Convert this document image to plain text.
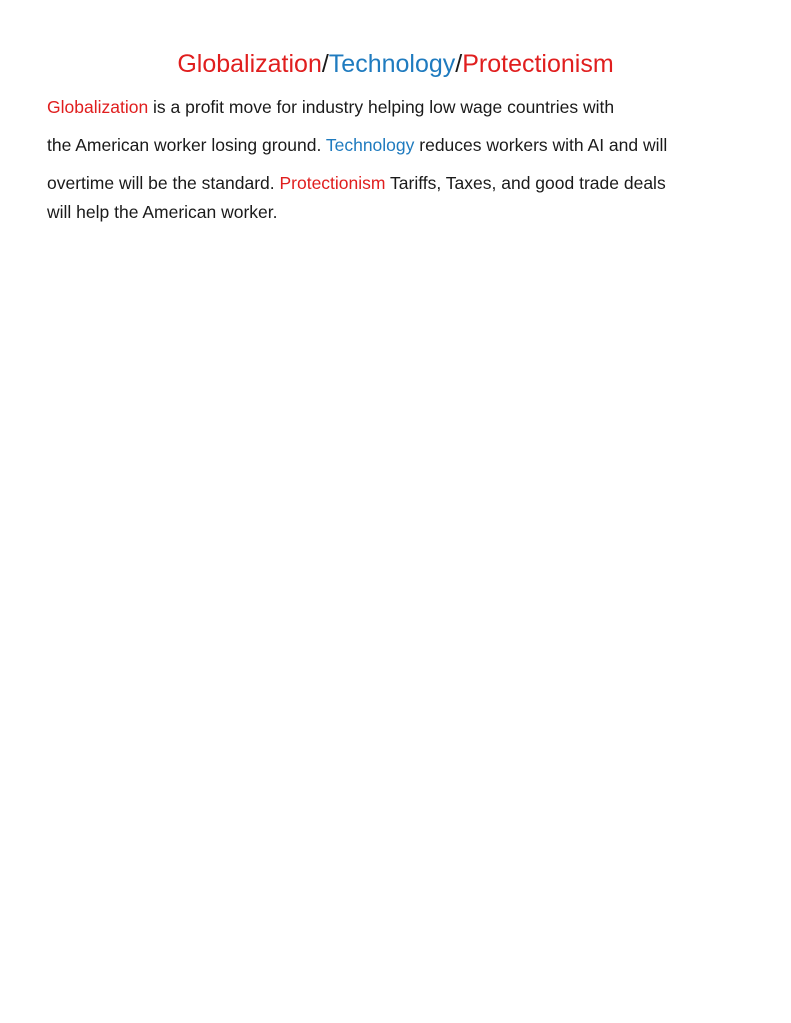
Globalization/Technology/Protectionism
Globalization is a profit move for industry helping low wage countries with
the American worker losing ground. Technology reduces workers with AI and will
overtime will be the standard. Protectionism Tariffs, Taxes, and good trade deals
will help the American worker.
